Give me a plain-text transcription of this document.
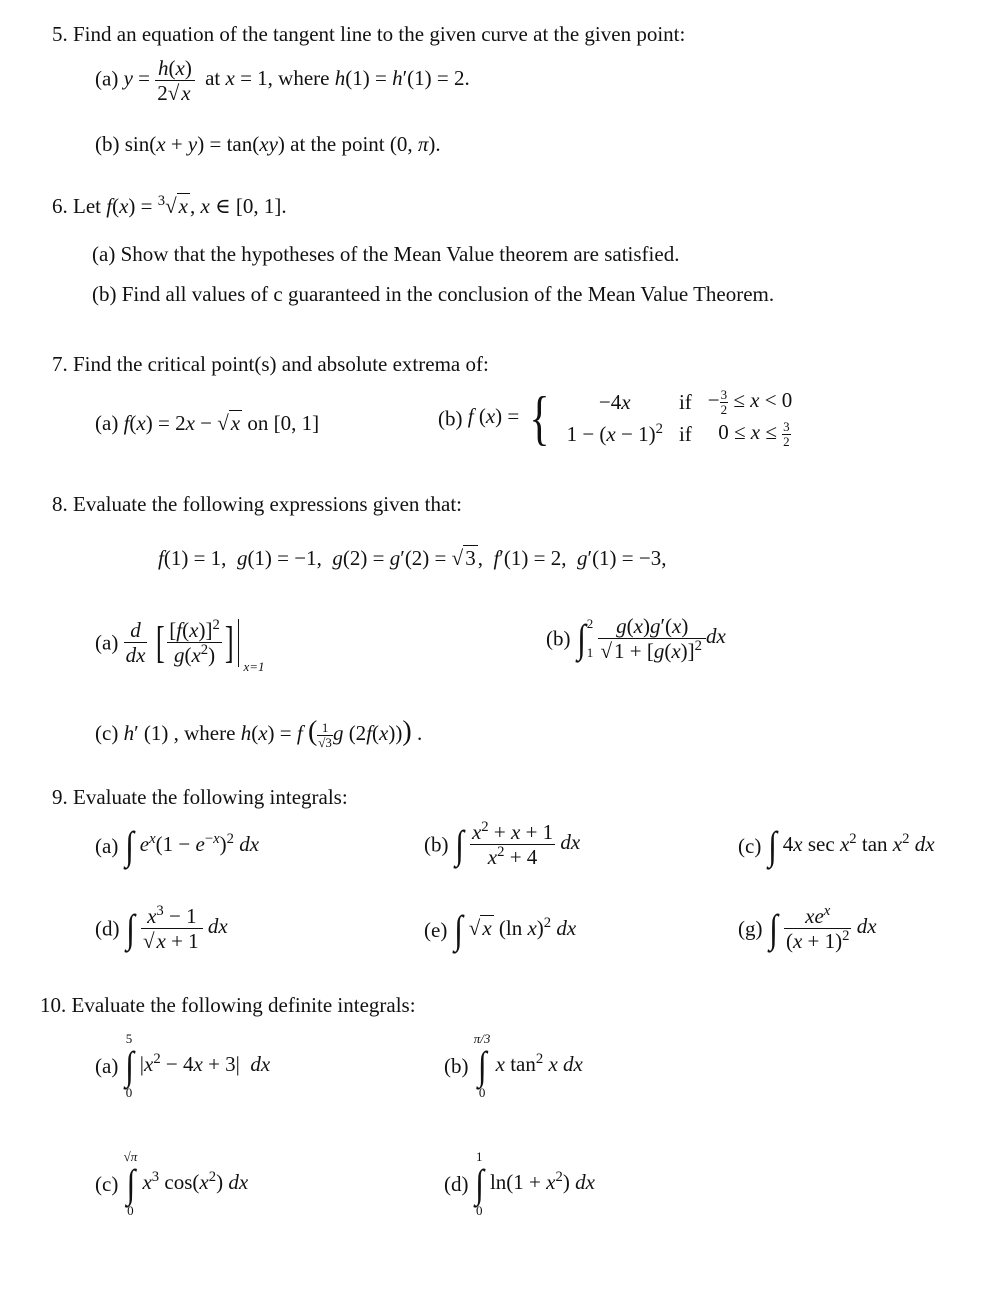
5. Find an equation of the tangent line to the given curve at the given point:
(a) $y = \frac{h(x)}{2√x}$ at x = 1, where h(1) = h′(1) = 2.
(b) sin(x + y) = tan(xy) at the point (0, π).
6. Let f(x) = $^3$√x, x ∈ [0, 1].
(a) Show that the hypotheses of the Mean Value theorem are satisfied.
(b) Find all values of c guaranteed in the conclusion of the Mean Value Theorem.
7. Find the critical point(s) and absolute extrema of:
(a) f(x) = 2x − √x on [0, 1]	(b) f (x) = { −4x	if	− $\frac{3}{2} \le x < 0$
$1 - (x - 1)^2$	if	$0 \le x \le \frac{3}{2}$
8. Evaluate the following expressions given that:
f(1) = 1,  g(1) = −1,  g(2) = g′(2) = √3,  f′(1) = 2,  g′(1) = −3,
$(a) \frac{d}{dx}$ [ $\frac{[f(x)]^2}{g(x^2)}$ ] x=1
(b) ∫ 2

1
$\frac{g(x)g'(x)}{√1 + [g(x)]^2}$ dx
(c) h′ (1) , where h(x) = f ( $\frac{1}{√3}$ g (2f(x))) .
9. Evaluate the following integrals:
(a) ∫ $e^x(1 - e^{-x})^2$ dx	(b) ∫ $\frac{x^2 + x + 1}{x^2 + 4}$ dx	(c) ∫ 4x $\sec x^2$ $\tan x^2$ dx
(d) ∫ $\frac{x^3 - 1}{√x + 1}$ dx	(e) ∫ √x (ln x)$^2$ dx	(g) ∫ $\frac{xe^x}{(x + 1)^2}$ dx
10. Evaluate the following definite integrals:
(a)
5
∫
0
$|x^2 - 4x + 3|$  dx	(b)
π/3
∫
0
x $\tan^2 x$ dx
(c)
√π
∫
0
$x^3$ $\cos(x^2)$ dx	(d)
1
∫
0
$\ln(1 + x^2)$ dx
